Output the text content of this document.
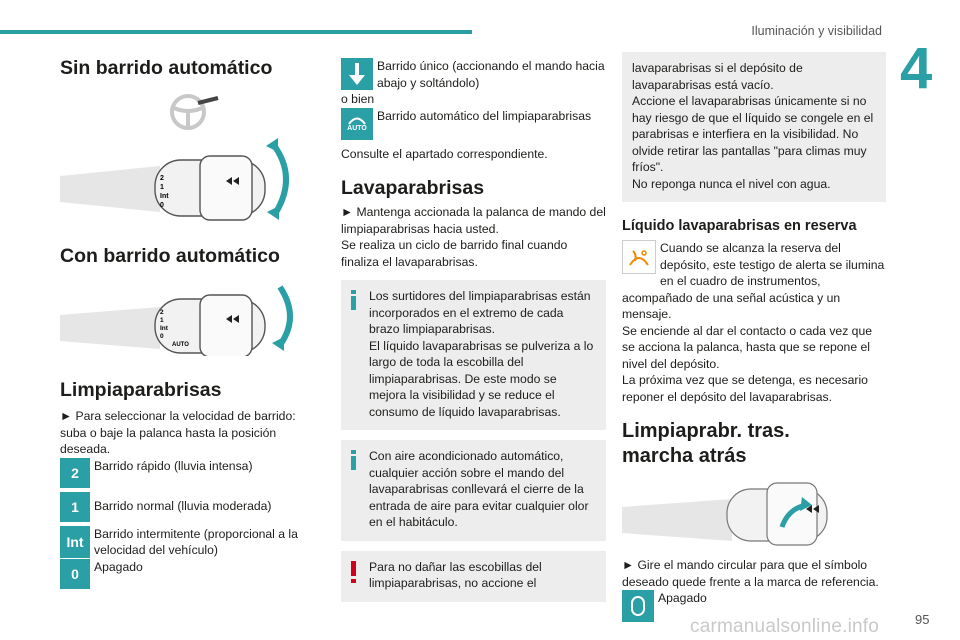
Iluminación y visibilidad
4
Sin barrido automático
2
1
Int
0
Con barrido automático
2
1
Int
0
AUTO
Limpiaparabrisas

► Para seleccionar la velocidad de barrido: suba o baje la palanca hasta la posición deseada.

2	Barrido rápido (lluvia intensa)
1	Barrido normal (lluvia moderada)
Int Barrido intermitente (proporcional a la velocidad del vehículo)
0	Apagado
Barrido único (accionando el mando hacia abajo y soltándolo)

o bien

AUTO
Barrido automático del limpiaparabrisas

Consulte el apartado correspondiente.

Lavaparabrisas

► Mantenga accionada la palanca de mando del limpiaparabrisas hacia usted.
Se realiza un ciclo de barrido final cuando finaliza el lavaparabrisas.

Los surtidores del limpiaparabrisas están incorporados en el extremo de cada brazo limpiaparabrisas.
El líquido lavaparabrisas se pulveriza a lo largo de toda la escobilla del limpiaparabrisas. De este modo se mejora la visibilidad y se reduce el consumo de líquido lavaparabrisas.

Con aire acondicionado automático, cualquier acción sobre el mando del lavaparabrisas conllevará el cierre de la entrada de aire para evitar cualquier olor en el habitáculo.

Para no dañar las escobillas del limpiaparabrisas, no accione el

lavaparabrisas si el depósito de lavaparabrisas está vacío.
Accione el lavaparabrisas únicamente si no hay riesgo de que el líquido se congele en el parabrisas e interfiera en la visibilidad. No olvide retirar las pantallas "para climas muy fríos".
No reponga nunca el nivel con agua.

Líquido lavaparabrisas en reserva

Cuando se alcanza la reserva del depósito, este testigo de alerta se ilumina en el cuadro de instrumentos, acompañado de una señal acústica y un mensaje.
Se enciende al dar el contacto o cada vez que se acciona la palanca, hasta que se repone el nivel del depósito.
La próxima vez que se detenga, es necesario reponer el depósito del lavaparabrisas.

Limpiaprabr. tras. marcha atrás

► Gire el mando circular para que el símbolo deseado quede frente a la marca de referencia.

Apagado
carmanualsonline.info	95
